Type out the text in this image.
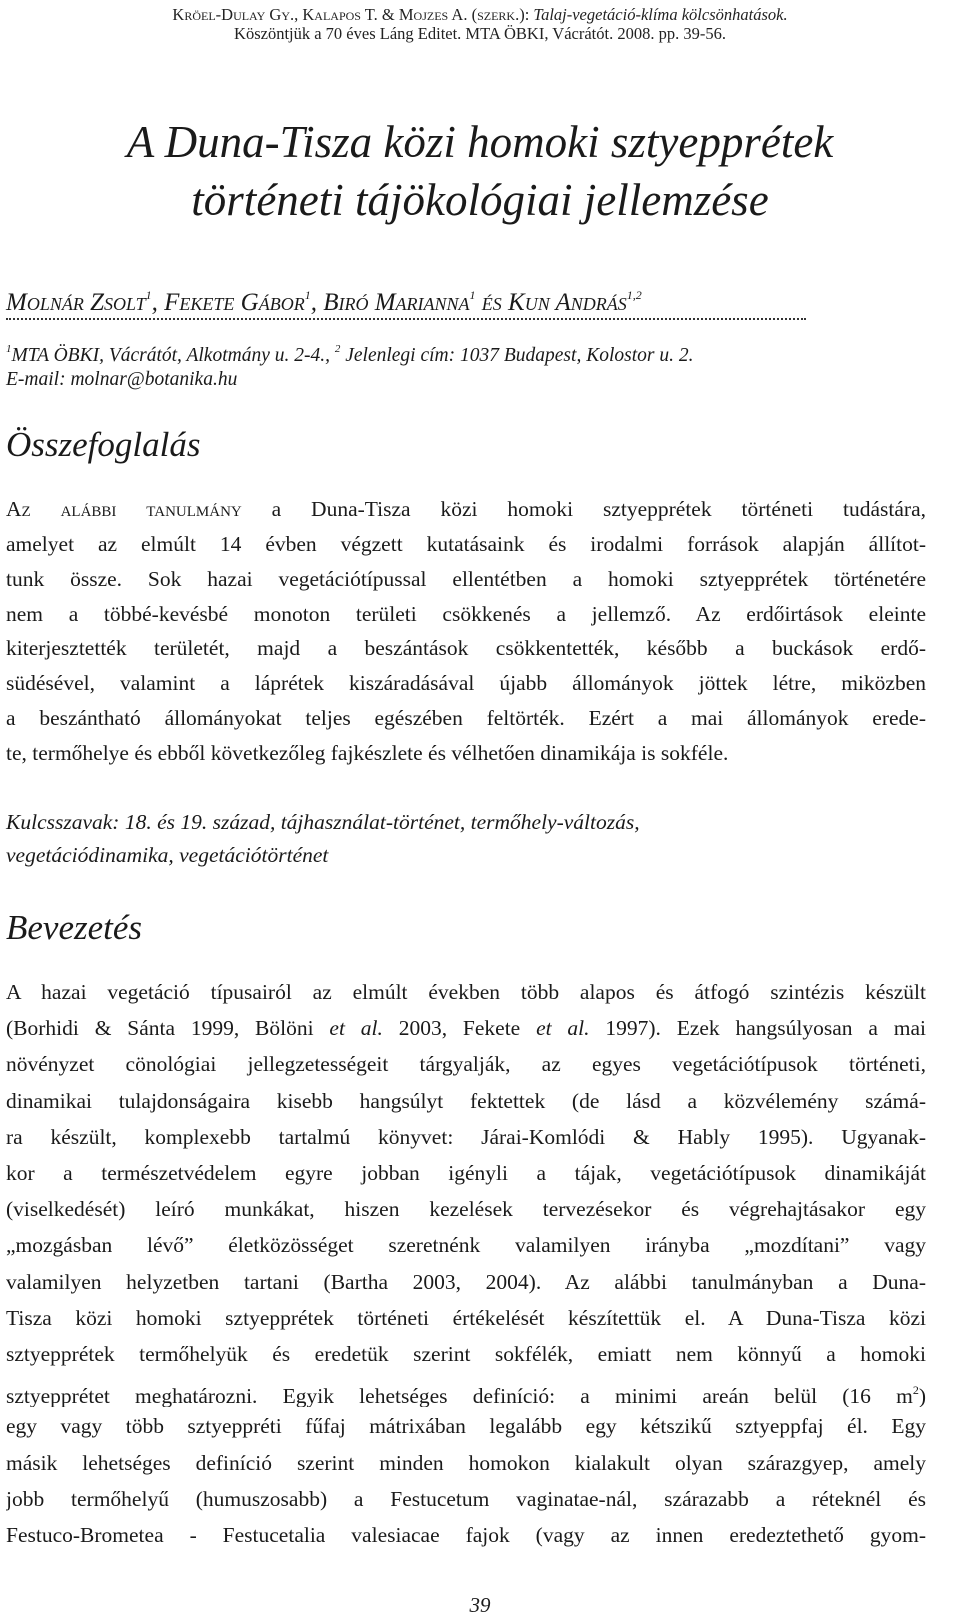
Kröel-Dulay Gy., Kalapos T. & Mojzes A. (szerk.): Talaj-vegetáció-klíma kölcsönhatások.
Köszöntjük a 70 éves Láng Editet. MTA ÖBKI, Vácrátót. 2008. pp. 39-56.
A Duna-Tisza közi homoki sztyepprétek
történeti tájökológiai jellemzése
Molnár Zsolt$^1$, Fekete Gábor$^1$, Biró Marianna$^1$ és Kun András$^{1,2}$
$^1$MTA ÖBKI, Vácrátót, Alkotmány u. 2-4., $^2$ Jelenlegi cím: 1037 Budapest, Kolostor u. 2.
E-mail: molnar@botanika.hu
Összefoglalás
Az alábbi tanulmány a Duna-Tisza közi homoki sztyepprétek történeti tudástára,
amelyet az elmúlt 14 évben végzett kutatásaink és irodalmi források alapján állítot-
tunk össze. Sok hazai vegetációtípussal ellentétben a homoki sztyepprétek történetére
nem a többé-kevésbé monoton területi csökkenés a jellemző. Az erdőirtások eleinte
kiterjesztették területét, majd a beszántások csökkentették, később a buckások erdő-
südésével, valamint a láprétek kiszáradásával újabb állományok jöttek létre, miközben
a beszántható állományokat teljes egészében feltörték. Ezért a mai állományok erede-
te, termőhelye és ebből következőleg fajkészlete és vélhetően dinamikája is sokféle.
Kulcsszavak: 18. és 19. század, tájhasználat-történet, termőhely-változás,
vegetációdinamika, vegetációtörténet
Bevezetés
A hazai vegetáció típusairól az elmúlt években több alapos és átfogó szintézis készült
(Borhidi & Sánta 1999, Bölöni et al. 2003, Fekete et al. 1997). Ezek hangsúlyosan a mai
növényzet cönológiai jellegzetességeit tárgyalják, az egyes vegetációtípusok történeti,
dinamikai tulajdonságaira kisebb hangsúlyt fektettek (de lásd a közvélemény számá-
ra készült, komplexebb tartalmú könyvet: Járai-Komlódi & Hably 1995). Ugyanak-
kor a természetvédelem egyre jobban igényli a tájak, vegetációtípusok dinamikáját
(viselkedését) leíró munkákat, hiszen kezelések tervezésekor és végrehajtásakor egy
„mozgásban lévő” életközösséget szeretnénk valamilyen irányba „mozdítani” vagy
valamilyen helyzetben tartani (Bartha 2003, 2004). Az alábbi tanulmányban a Duna-
Tisza közi homoki sztyepprétek történeti értékelését készítettük el. A Duna-Tisza közi
sztyepprétek termőhelyük és eredetük szerint sokfélék, emiatt nem könnyű a homoki
sztyepprétet meghatározni. Egyik lehetséges definíció: a minimi areán belül (16 $m^2$)
egy vagy több sztyeppréti fűfaj mátrixában legalább egy kétszikű sztyeppfaj él. Egy
másik lehetséges definíció szerint minden homokon kialakult olyan szárazgyep, amely
jobb termőhelyű (humuszosabb) a Festucetum vaginatae-nál, szárazabb a réteknél és
Festuco-Brometea - Festucetalia valesiacae fajok (vagy az innen eredeztethető gyom-
39
